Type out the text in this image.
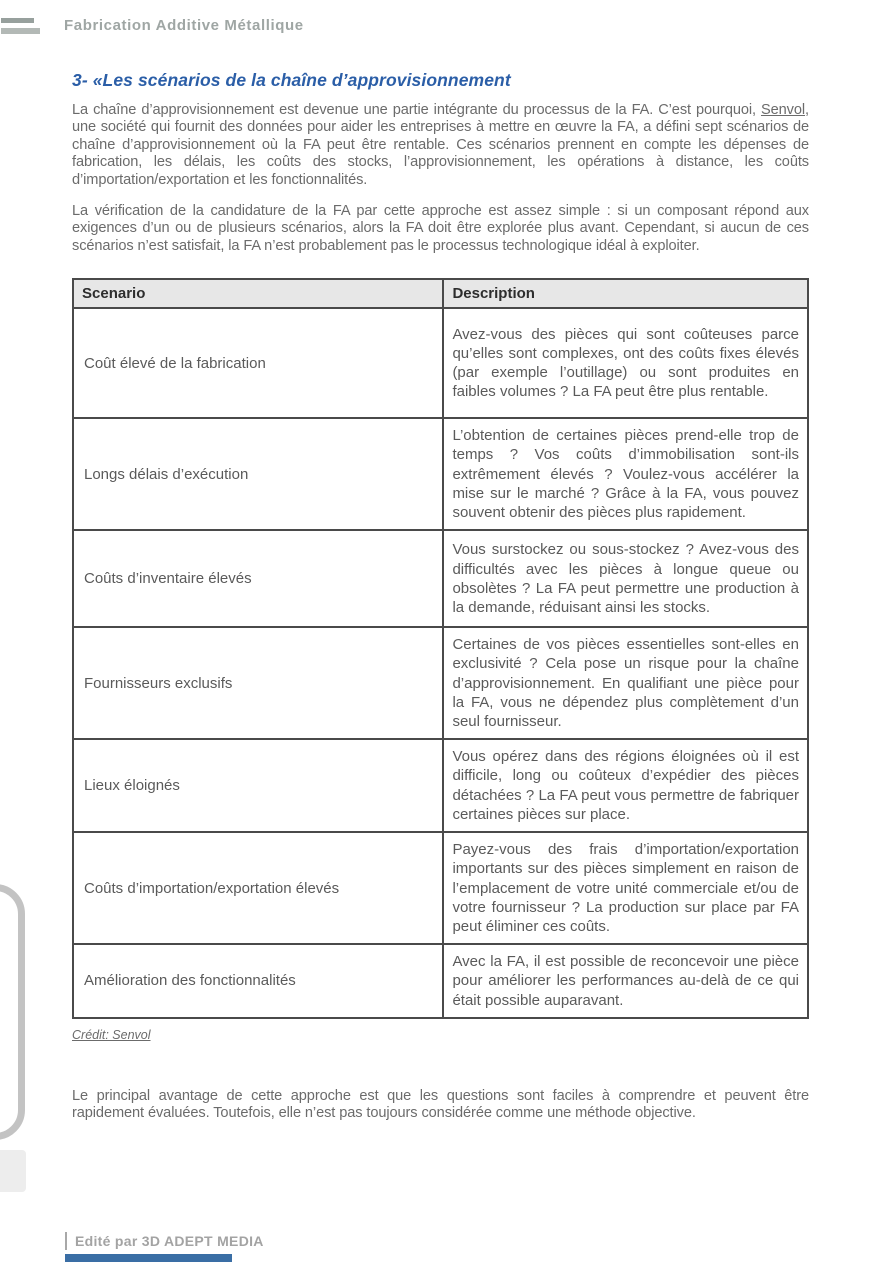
Fabrication Additive Métallique
3- «Les scénarios de la chaîne d’approvisionnement

La chaîne d’approvisionnement est devenue une partie intégrante du processus de la FA. C’est pourquoi, Senvol, une société qui fournit des données pour aider les entreprises à mettre en œuvre la FA, a défini sept scénarios de chaîne d’approvisionnement où la FA peut être rentable. Ces scénarios prennent en compte les dépenses de fabrication, les délais, les coûts des stocks, l’approvisionnement, les opérations à distance, les coûts d’importation/exportation et les fonctionnalités.

La vérification de la candidature de la FA par cette approche est assez simple : si un composant répond aux exigences d’un ou de plusieurs scénarios, alors la FA doit être explorée plus avant. Cependant, si aucun de ces scénarios n’est satisfait, la FA n’est probablement pas le processus technologique idéal à exploiter.

Scenario	Description
Coût élevé de la fabrication	Avez-vous des pièces qui sont coûteuses parce qu’elles sont complexes, ont des coûts fixes élevés (par exemple l’outillage) ou sont produites en faibles volumes ? La FA peut être plus rentable.
Longs délais d’exécution	L’obtention de certaines pièces prend-elle trop de temps ? Vos coûts d’immobilisation sont-ils extrêmement élevés ? Voulez-vous accélérer la mise sur le marché ? Grâce à la FA, vous pouvez souvent obtenir des pièces plus rapidement.
Coûts d’inventaire élevés	Vous surstockez ou sous-stockez ? Avez-vous des difficultés avec les pièces à longue queue ou obsolètes ? La FA peut permettre une production à la demande, réduisant ainsi les stocks.
Fournisseurs exclusifs	Certaines de vos pièces essentielles sont-elles en exclusivité ? Cela pose un risque pour la chaîne d’approvisionnement. En qualifiant une pièce pour la FA, vous ne dépendez plus complètement d’un seul fournisseur.
Lieux éloignés	Vous opérez dans des régions éloignées où il est difficile, long ou coûteux d’expédier des pièces détachées ? La FA peut vous permettre de fabriquer certaines pièces sur place.
Coûts d’importation/exportation élevés	Payez-vous des frais d’importation/exportation importants sur des pièces simplement en raison de l’emplacement de votre unité commerciale et/ou de votre fournisseur ? La production sur place par FA peut éliminer ces coûts.
Amélioration des fonctionnalités	Avec la FA, il est possible de reconcevoir une pièce pour améliorer les performances au-delà de ce qui était possible auparavant.
Crédit: Senvol

Le principal avantage de cette approche est que les questions sont faciles à comprendre et peuvent être rapidement évaluées. Toutefois, elle n’est pas toujours considérée comme une méthode objective.

Edité par 3D ADEPT MEDIA
